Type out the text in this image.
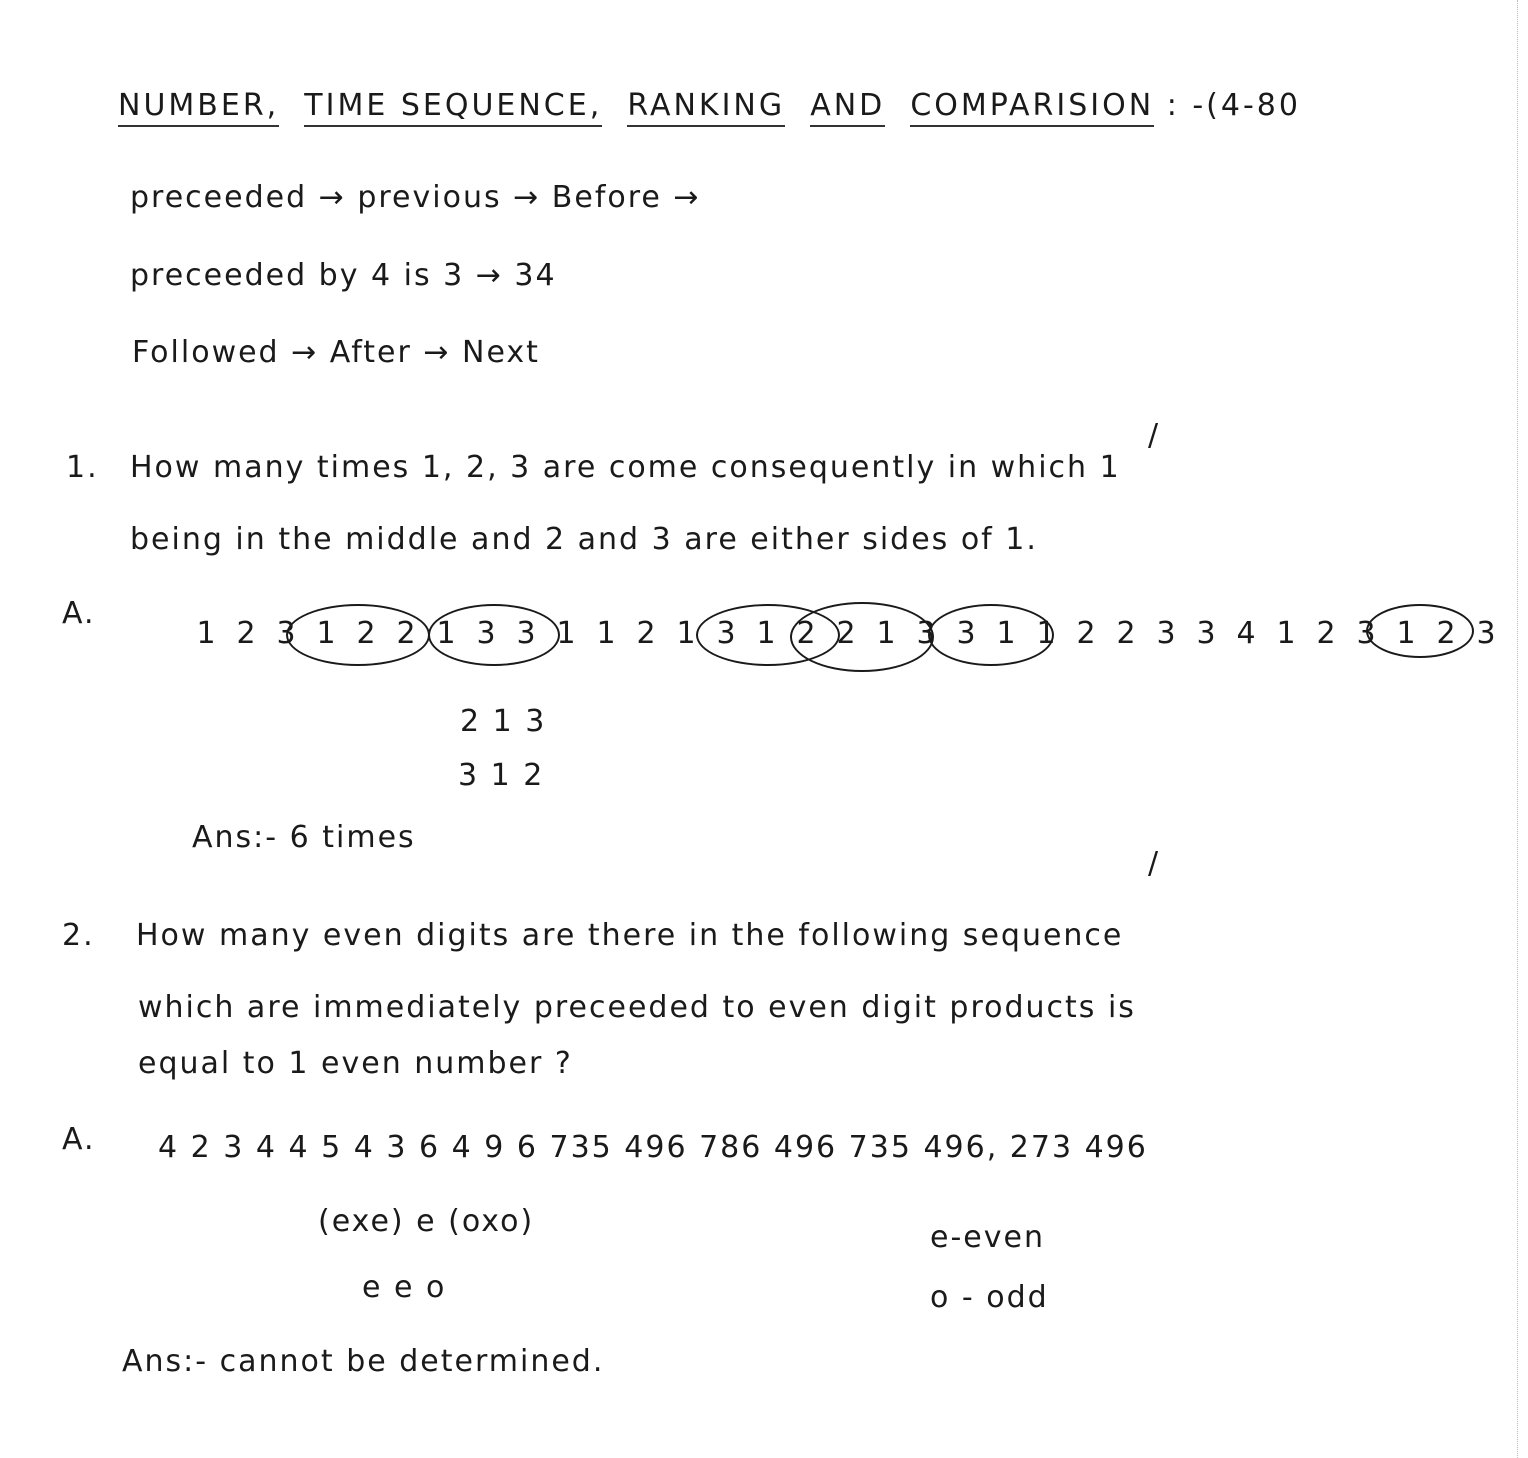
NUMBER, TIME SEQUENCE, RANKING AND COMPARISION : -(4-80
preceeded → previous → Before →
preceeded by 4 is 3 → 34
Followed → After → Next
/
1. How many times 1, 2, 3 are come consequently in which 1
being in the middle and 2 and 3 are either sides of 1.
A.
1 2 3 1 2 2 1 3 3 1 1 2 1 3 1 2 2 1 3 3 1 1 2 2 3 3 4 1 2 3 1 2 3
2 1 3
3 1 2
Ans:- 6 times
/
2. How many even digits are there in the following sequence
which are immediately preceeded to even digit products is
equal to 1 even number ?
A. 4 2 3 4 4 5 4 3 6 4 9 6 735 496 786 496 735 496, 273 496
(exe) e (oxo)
e e o
e-even
o - odd
Ans:- cannot be determined.
